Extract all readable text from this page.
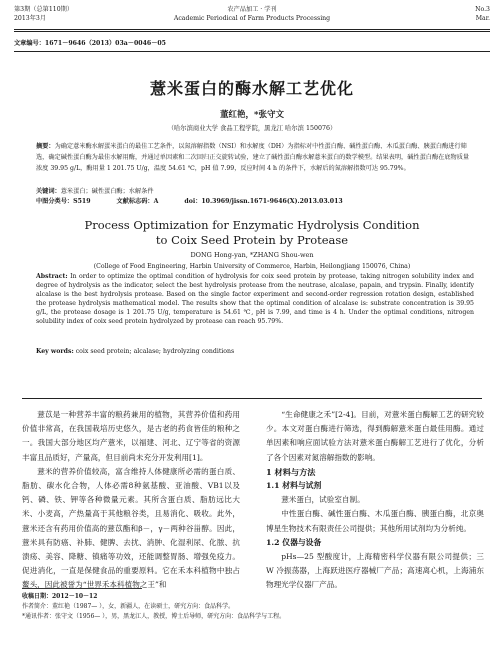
第3期（总第110期）
2013年3月
农产品加工 · 学刊
Academic Periodical of Farm Products Processing
No.3
Mar.
文章编号：1671－9646（2013）03a－0046－05
薏米蛋白的酶水解工艺优化
董红艳，*张守文
（哈尔滨商业大学 食品工程学院，黑龙江 哈尔滨 150076）
摘要：为确定薏米酶水解蛋米蛋白的最佳工艺条件，以氮溶解指数（NSI）和水解度（DH）为指标对中性蛋白酶、碱性蛋白酶、木瓜蛋白酶、胰蛋白酶进行筛选，确定碱性蛋白酶为最佳水解用酶，并通过单因素和二次回归正交旋转试验，建立了碱性蛋白酶水解薏米蛋白的数学模型。结果表明，碱性蛋白酶在底物质量浓度 39.95 g/L，酶用量 1 201.75 U/g，温度 54.61 ℃，pH 值 7.99，反应时间 4 h 的条件下，水解后的氮溶解指数可达 95.79%。
关键词：薏米蛋白；碱性蛋白酶；水解条件
中图分类号：S519	文献标志码：A	doi：10.3969/jissn.1671-9646(X).2013.03.013
Process Optimization for Enzymatic Hydrolysis Condition
to Coix Seed Protein by Protease
DONG Hong-yan, *ZHANG Shou-wen
(College of Food Engineering, Harbin University of Commerce, Harbin, Heilongjiang 150076, China)
Abstract: In order to optimize the optimal condition of hydrolysis for coix seed protein by protease, taking nitrogen solubility index and degree of hydrolysis as the indicator, select the best hydrolysis protease from the neutrase, alcalase, papain, and trypsin. Finally, identify alcalase is the best hydrolysis protease. Based on the single factor experiment and second-order regression rotation design, established the protease hydrolysis mathematical model. The results show that the optimal condition of alcalase is: substrate concentration is 39.95 g/L, the protease dosage is 1 201.75 U/g, temperature is 54.61 ℃, pH is 7.99, and time is 4 h. Under the optimal conditions, nitrogen solubility index of coix seed protein hydrolyzed by protease can reach 95.79%.
Key words: coix seed protein; alcalase; hydrolyzing conditions

薏苡是一种营养丰富的粮药兼用的植物，其营养价值和药用价值非常高，在我国栽培历史悠久，是古老的药食皆佳的粮种之一。我国大部分地区均产薏米，以福建、河北、辽宁等省的资源丰富且品质好，产量高，但目前尚未充分开发利用[1]。

薏米的营养价值较高，富含维持人体健康所必需的蛋白质、脂肪、碳水化合物，人体必需8种氨基酸、亚油酸、VB1以及钙、磷、铁、钾等各种微量元素。其所含蛋白质、脂肪远比大米、小麦高，产热量高于其他粮谷类，且易消化、吸收。此外，薏米还含有药用价值高的薏苡酯和β－，γ－两种谷甾醇。因此，薏米具有防癌、补肺、健脾、去扰、消肿、化湿利尿、化脓、抗溃疡、美容、降糖、镇痛等功效，还能调整胃肠、增强免疫力。促进消化，一直是保健食品的重要原料。它在禾本科植物中独占鳌头，因此被誉为“世界禾本科植物之王”和

“生命健康之禾”[2-4]。目前，对薏米蛋白酶解工艺的研究较少。本文对蛋白酶进行筛选，得到酶解薏米蛋白最佳用酶。通过单因素和响应面试验方法对薏米蛋白酶解工艺进行了优化，分析了各个因素对氮溶解指数的影响。

1 材料与方法

1.1 材料与试剂

薏米蛋白，试验室自制。

中性蛋白酶、碱性蛋白酶、木瓜蛋白酶、胰蛋白酶，北京奥博星生物技术有限责任公司提供；其他所用试剂均为分析纯。

1.2 仪器与设备

pHs—25 型酸度计，上海精密科学仪器有限公司提供；三 W 冷振荡器，上海跃进医疗器械厂产品；高速离心机，上海浦东物理光学仪器厂产品。

收稿日期：2012－10－12
作者简介：董红艳（1987— ），女，新疆人，在读硕士，研究方向：食品科学。
*通讯作者：张守文（1956— ），男，黑龙江人，教授，博士后导师，研究方向：食品科学与工程。
